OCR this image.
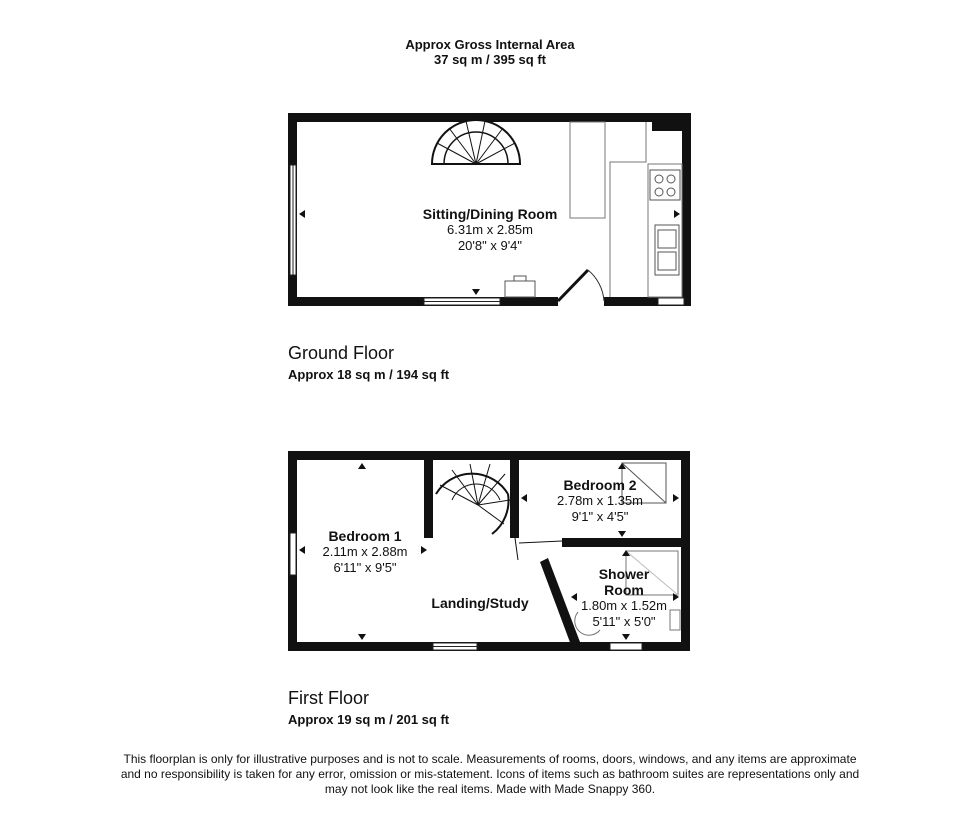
Approx Gross Internal Area
37 sq m / 395 sq ft
Sitting/Dining Room
6.31m x 2.85m
20'8" x 9'4"
Ground Floor
Approx 18 sq m / 194 sq ft
Bedroom 1
2.11m x 2.88m
6'11" x 9'5"
Bedroom 2
2.78m x 1.35m
9'1" x 4'5"
Shower
Room
1.80m x 1.52m
5'11" x 5'0"
Landing/Study
First Floor
Approx 19 sq m / 201 sq ft
This floorplan is only for illustrative purposes and is not to scale. Measurements of rooms, doors, windows, and any items are approximate
and no responsibility is taken for any error, omission or mis-statement. Icons of items such as bathroom suites are representations only and
may not look like the real items. Made with Made Snappy 360.
